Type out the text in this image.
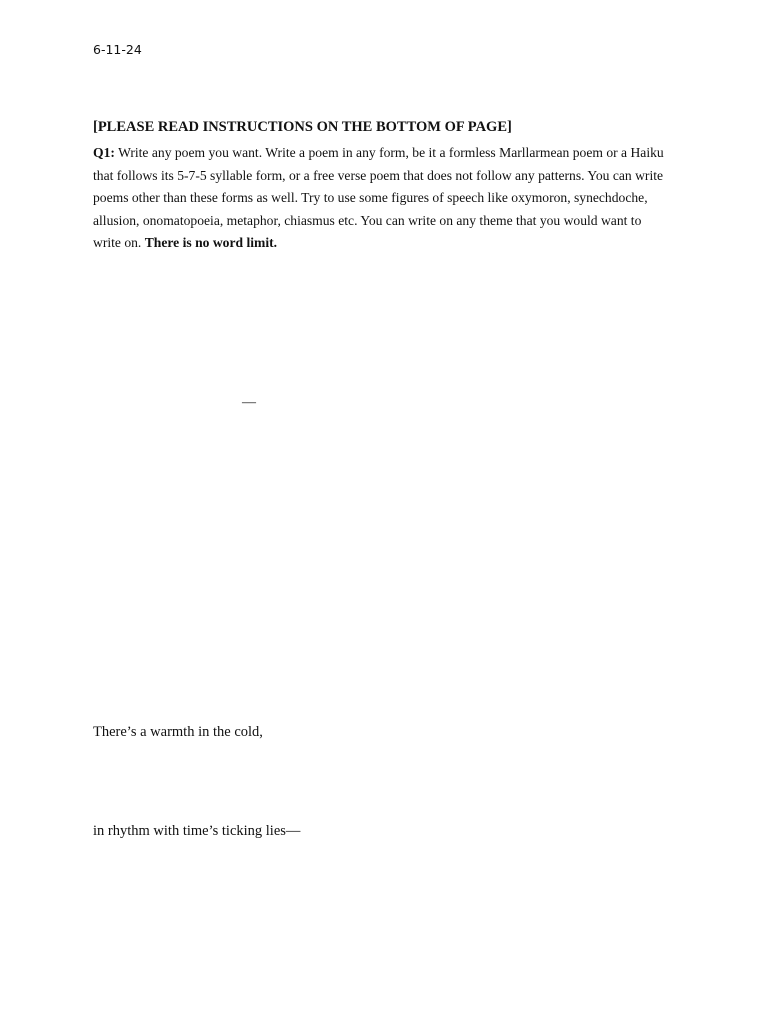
6-11-24
[PLEASE READ INSTRUCTIONS ON THE BOTTOM OF PAGE]
Q1: Write any poem you want. Write a poem in any form, be it a formless Marllarmean poem or a Haiku
that follows its 5-7-5 syllable form, or a free verse poem that does not follow any patterns. You can write
poems other than these forms as well. Try to use some figures of speech like oxymoron, synechdoche,
allusion, onomatopoeia, metaphor, chiasmus etc. You can write on any theme that you would want to
write on. There is no word limit.
—
There’s a warmth in the cold,
in rhythm with time’s ticking lies—
